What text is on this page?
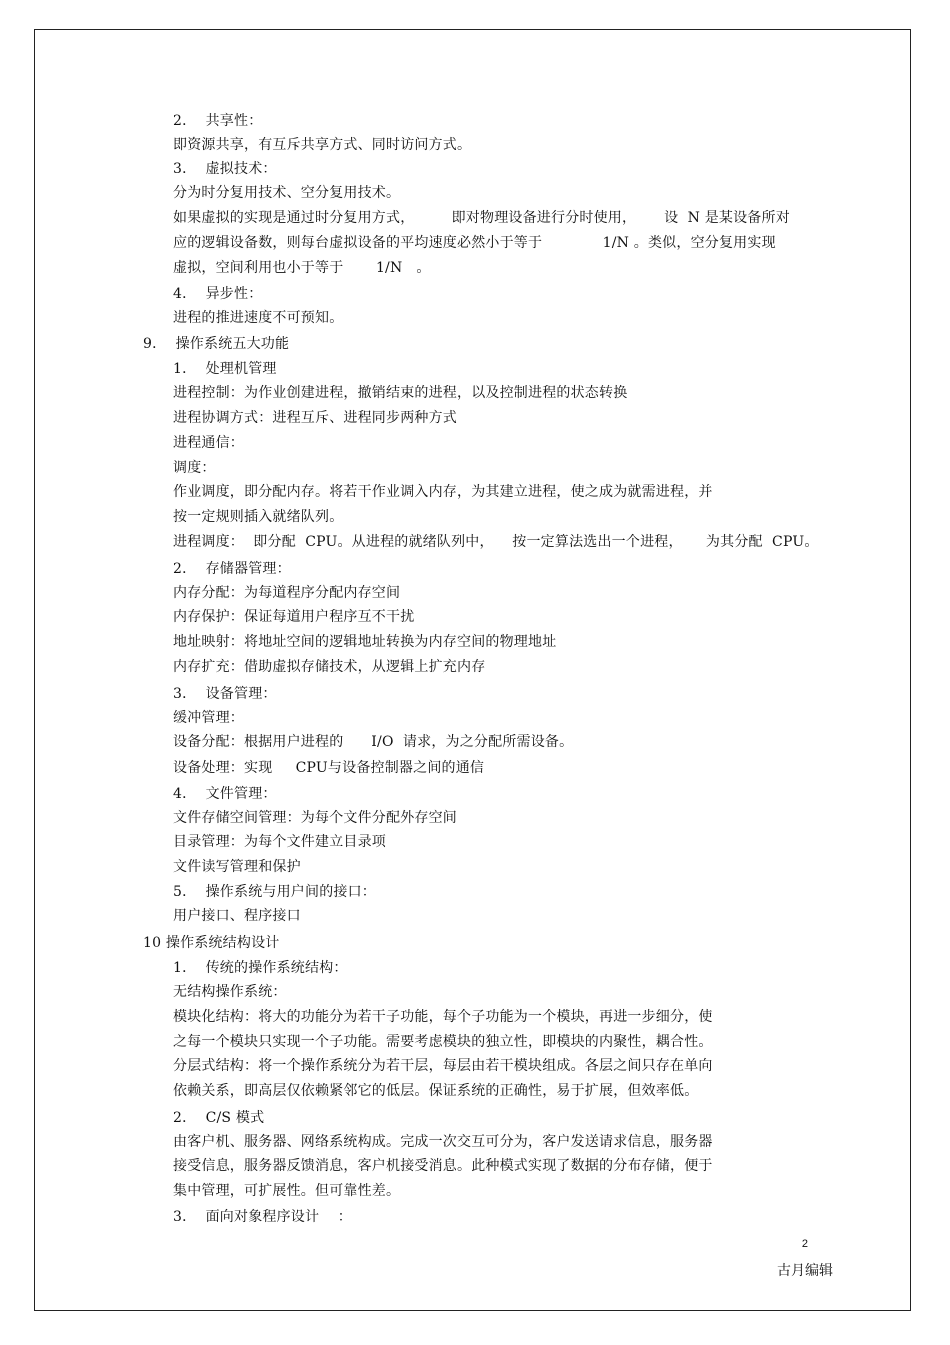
2．  共享性：
即资源共享，有互斥共享方式、同时访问方式。
3．  虚拟技术：
分为时分复用技术、空分复用技术。
如果虚拟的实现是通过时分复用方式，        即对物理设备进行分时使用，      设  N 是某设备所对
应的逻辑设备数，则每台虚拟设备的平均速度必然小于等于             1/N 。类似，空分复用实现
虚拟，空间利用也小于等于       1/N   。
4．  异步性：
进程的推进速度不可预知。
9．  操作系统五大功能
1．  处理机管理
进程控制：为作业创建进程，撤销结束的进程，以及控制进程的状态转换
进程协调方式：进程互斥、进程同步两种方式
进程通信：
调度：
作业调度，即分配内存。将若干作业调入内存，为其建立进程，使之成为就需进程，并
按一定规则插入就绪队列。
进程调度：  即分配  CPU。从进程的就绪队列中，    按一定算法选出一个进程，     为其分配  CPU。
2．  存储器管理：
内存分配：为每道程序分配内存空间
内存保护：保证每道用户程序互不干扰
地址映射：将地址空间的逻辑地址转换为内存空间的物理地址
内存扩充：借助虚拟存储技术，从逻辑上扩充内存
3．  设备管理：
缓冲管理：
设备分配：根据用户进程的      I/O  请求，为之分配所需设备。
设备处理：实现     CPU与设备控制器之间的通信
4．  文件管理：
文件存储空间管理：为每个文件分配外存空间
目录管理：为每个文件建立目录项
文件读写管理和保护
5．  操作系统与用户间的接口：
用户接口、程序接口
10 操作系统结构设计
1．  传统的操作系统结构：
无结构操作系统：
模块化结构：将大的功能分为若干子功能，每个子功能为一个模块，再进一步细分，使
之每一个模块只实现一个子功能。需要考虑模块的独立性，即模块的内聚性，耦合性。
分层式结构：将一个操作系统分为若干层，每层由若干模块组成。各层之间只存在单向
依赖关系，即高层仅依赖紧邻它的低层。保证系统的正确性，易于扩展，但效率低。
2．  C/S 模式
由客户机、服务器、网络系统构成。完成一次交互可分为，客户发送请求信息，服务器
接受信息，服务器反馈消息，客户机接受消息。此种模式实现了数据的分布存储，便于
集中管理，可扩展性。但可靠性差。
3．  面向对象程序设计    ：
2
古月编辑
